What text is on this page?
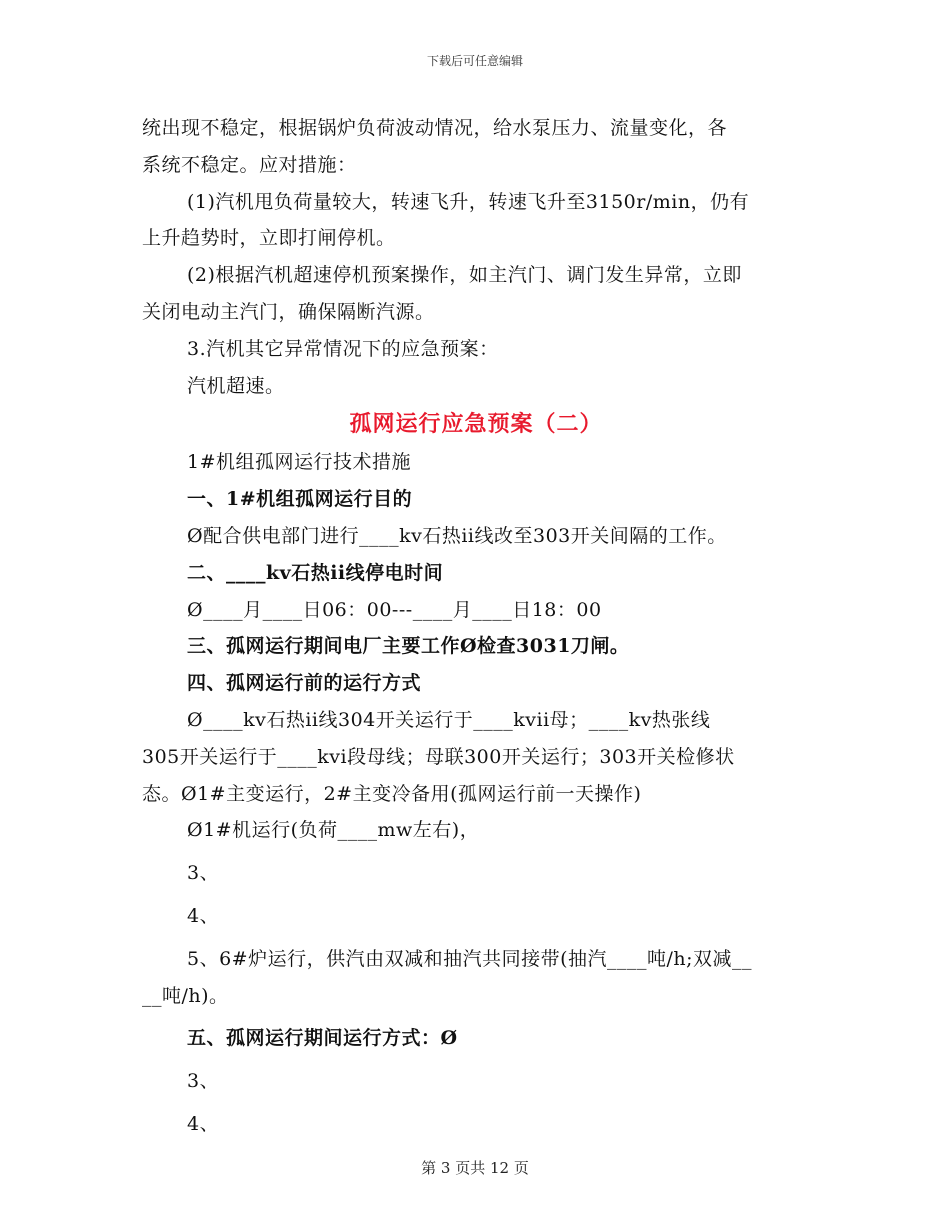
下载后可任意编辑
统出现不稳定，根据锅炉负荷波动情况，给水泵压力、流量变化，各
系统不稳定。应对措施：
(1)汽机甩负荷量较大，转速飞升，转速飞升至3150r/min，仍有
上升趋势时，立即打闸停机。
(2)根据汽机超速停机预案操作，如主汽门、调门发生异常，立即
关闭电动主汽门，确保隔断汽源。
3.汽机其它异常情况下的应急预案：
汽机超速。
孤网运行应急预案（二）
1#机组孤网运行技术措施
一、1#机组孤网运行目的
Ø配合供电部门进行____kv石热ii线改至303开关间隔的工作。
二、____kv石热ii线停电时间
Ø____月____日06：00---____月____日18：00
三、孤网运行期间电厂主要工作Ø检查3031刀闸。
四、孤网运行前的运行方式
Ø____kv石热ii线304开关运行于____kvii母；____kv热张线
305开关运行于____kvi段母线；母联300开关运行；303开关检修状
态。Ø1#主变运行，2#主变冷备用(孤网运行前一天操作)
Ø1#机运行(负荷____mw左右)，
3、
4、
5、6#炉运行，供汽由双减和抽汽共同接带(抽汽____吨/h;双减__
__吨/h)。
五、孤网运行期间运行方式：Ø
3、
4、
第 3 页共 12 页
